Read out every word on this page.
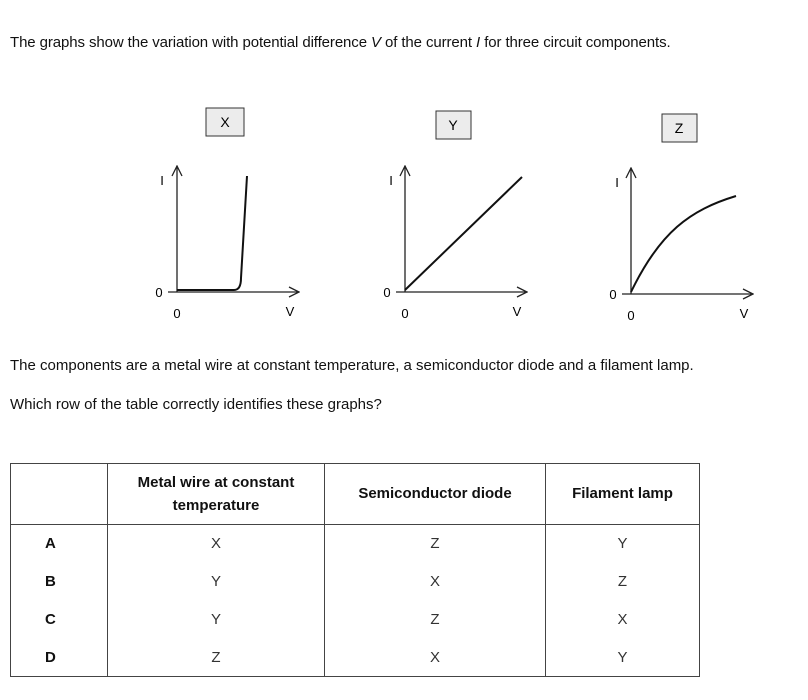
The graphs show the variation with potential difference V of the current I for three circuit components.
X
I
V
0
0
Y
I
V
0
0
Z
I
V
0
0
The components are a metal wire at constant temperature, a semiconductor diode and a filament lamp.
Which row of the table correctly identifies these graphs?
	Metal wire at constant temperature	Semiconductor diode	Filament lamp
A	X	Z	Y
B	Y	X	Z
C	Y	Z	X
D	Z	X	Y
